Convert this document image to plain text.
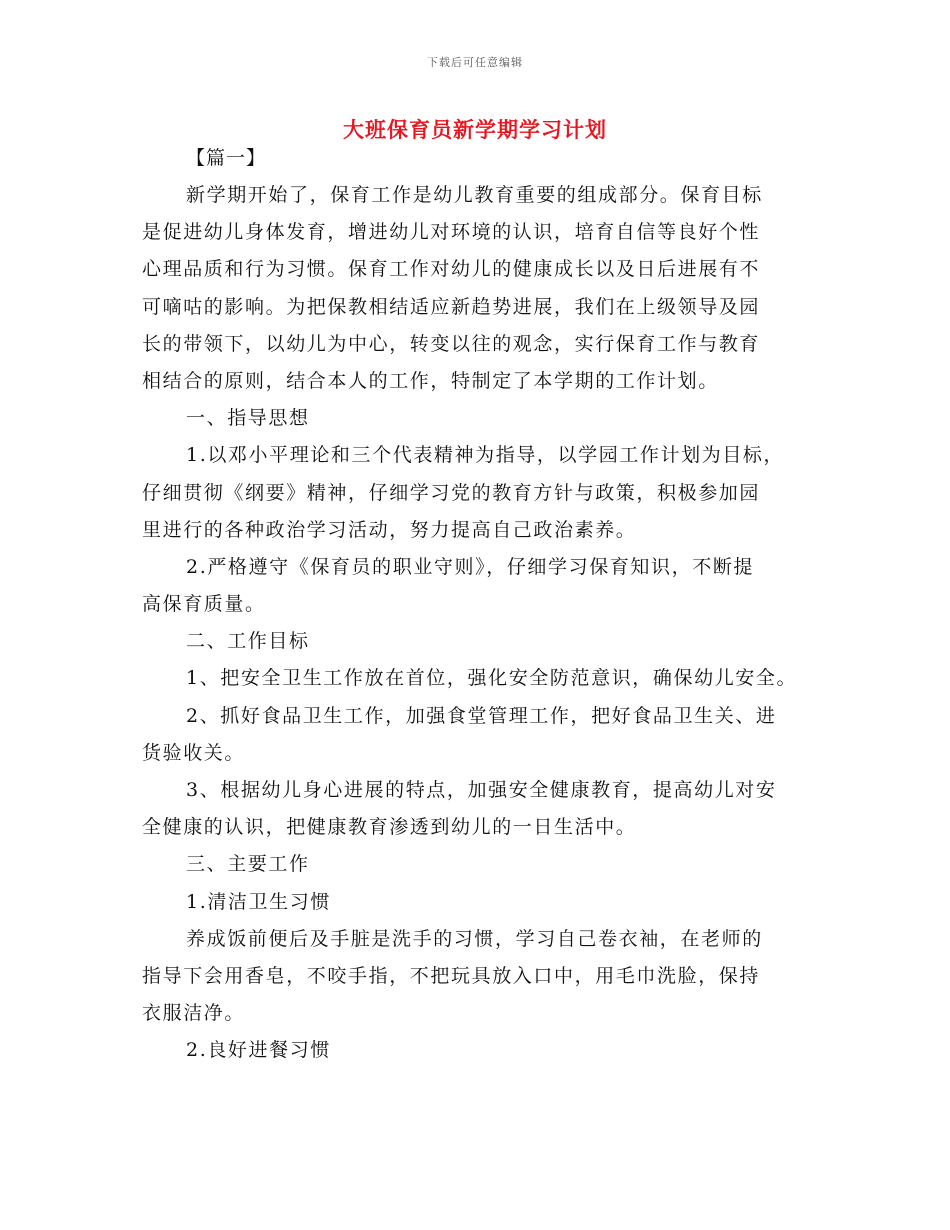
下载后可任意编辑
大班保育员新学期学习计划
【篇一】

新学期开始了，保育工作是幼儿教育重要的组成部分。保育目标
是促进幼儿身体发育，增进幼儿对环境的认识，培育自信等良好个性
心理品质和行为习惯。保育工作对幼儿的健康成长以及日后进展有不
可嘀咕的影响。为把保教相结适应新趋势进展，我们在上级领导及园
长的带领下，以幼儿为中心，转变以往的观念，实行保育工作与教育
相结合的原则，结合本人的工作，特制定了本学期的工作计划。
一、指导思想
1.以邓小平理论和三个代表精神为指导，以学园工作计划为目标，
仔细贯彻《纲要》精神，仔细学习党的教育方针与政策，积极参加园
里进行的各种政治学习活动，努力提高自己政治素养。
2.严格遵守《保育员的职业守则》，仔细学习保育知识，不断提
高保育质量。
二、工作目标
1、把安全卫生工作放在首位，强化安全防范意识，确保幼儿安全。
2、抓好食品卫生工作，加强食堂管理工作，把好食品卫生关、进
货验收关。
3、根据幼儿身心进展的特点，加强安全健康教育，提高幼儿对安
全健康的认识，把健康教育渗透到幼儿的一日生活中。
三、主要工作
1.清洁卫生习惯
养成饭前便后及手脏是洗手的习惯，学习自己卷衣袖，在老师的
指导下会用香皂，不咬手指，不把玩具放入口中，用毛巾洗脸，保持
衣服洁净。
2.良好进餐习惯
